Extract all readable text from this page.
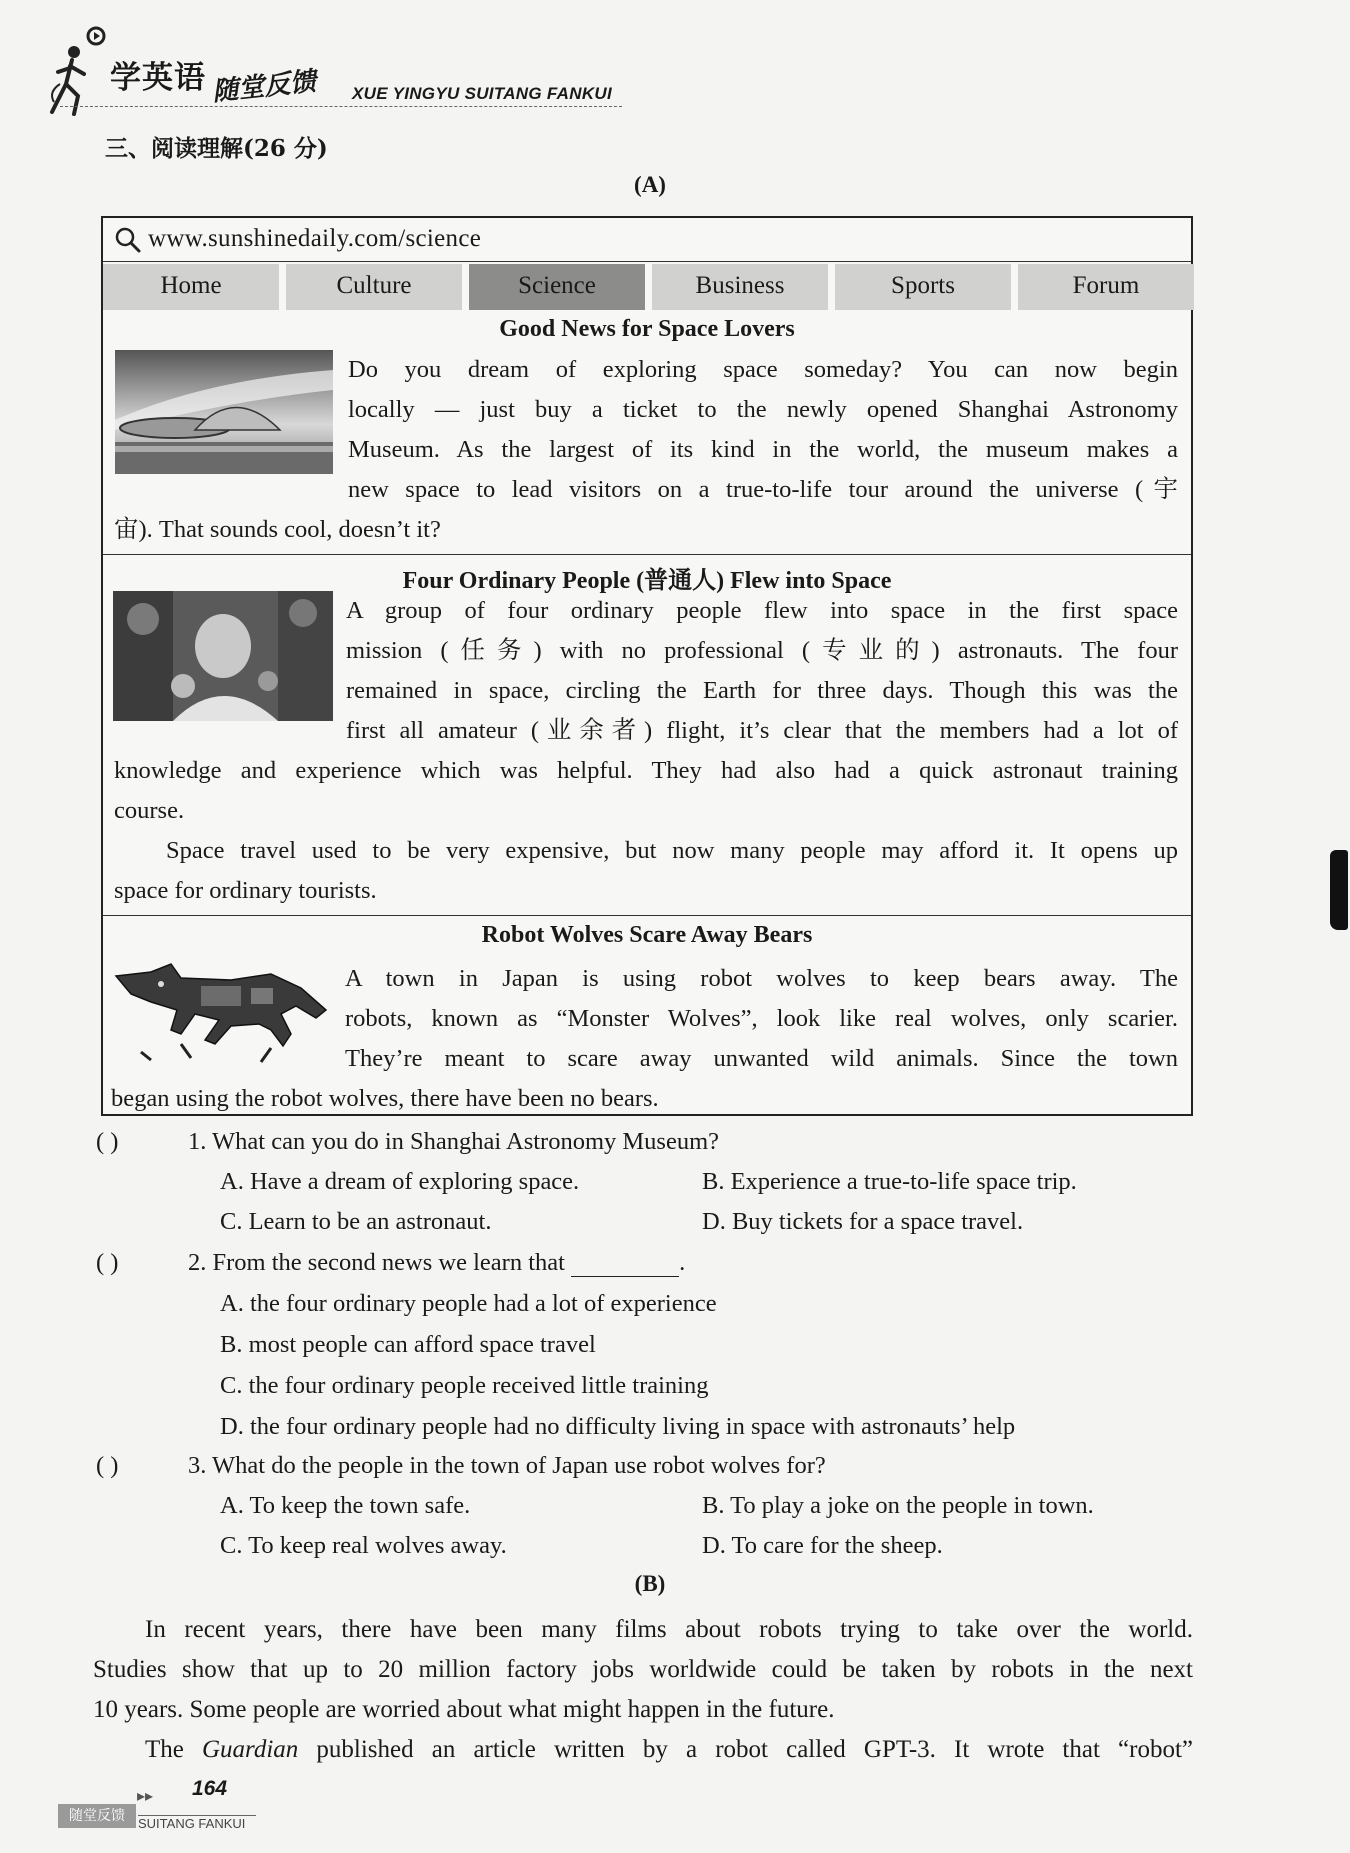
学英语 随堂反馈 XUE YINGYU SUITANG FANKUI
三、阅读理解(26 分)
(A)
www.sunshinedaily.com/science
Home	Culture	Science	Business	Sports	Forum
Good News for Space Lovers
Do you dream of exploring space someday? You can now begin
locally — just buy a ticket to the newly opened Shanghai Astronomy
Museum. As the largest of its kind in the world, the museum makes a
new space to lead visitors on a true-to-life tour around the universe (宇
宙). That sounds cool, doesn’t it?
Four Ordinary People (普通人) Flew into Space
A group of four ordinary people flew into space in the first space
mission (任务) with no professional (专业的) astronauts. The four
remained in space, circling the Earth for three days. Though this was the
first all amateur (业余者) flight, it’s clear that the members had a lot of
knowledge and experience which was helpful. They had also had a quick astronaut training
course.
Space travel used to be very expensive, but now many people may afford it. It opens up
space for ordinary tourists.
Robot Wolves Scare Away Bears
A town in Japan is using robot wolves to keep bears away. The
robots, known as “Monster Wolves”, look like real wolves, only scarier.
They’re meant to scare away unwanted wild animals. Since the town
began using the robot wolves, there have been no bears.
( )	1. What can you do in Shanghai Astronomy Museum?
A. Have a dream of exploring space.	B. Experience a true-to-life space trip.
C. Learn to be an astronaut.	D. Buy tickets for a space travel.
( )	2. From the second news we learn that	.
A. the four ordinary people had a lot of experience
B. most people can afford space travel
C. the four ordinary people received little training
D. the four ordinary people had no difficulty living in space with astronauts’ help
( )	3. What do the people in the town of Japan use robot wolves for?
A. To keep the town safe.	B. To play a joke on the people in town.
C. To keep real wolves away.	D. To care for the sheep.
(B)
In recent years, there have been many films about robots trying to take over the world.
Studies show that up to 20 million factory jobs worldwide could be taken by robots in the next
10 years. Some people are worried about what might happen in the future.
The Guardian published an article written by a robot called GPT-3. It wrote that “robot”
▸▸ 164
随堂反馈	SUITANG FANKUI
